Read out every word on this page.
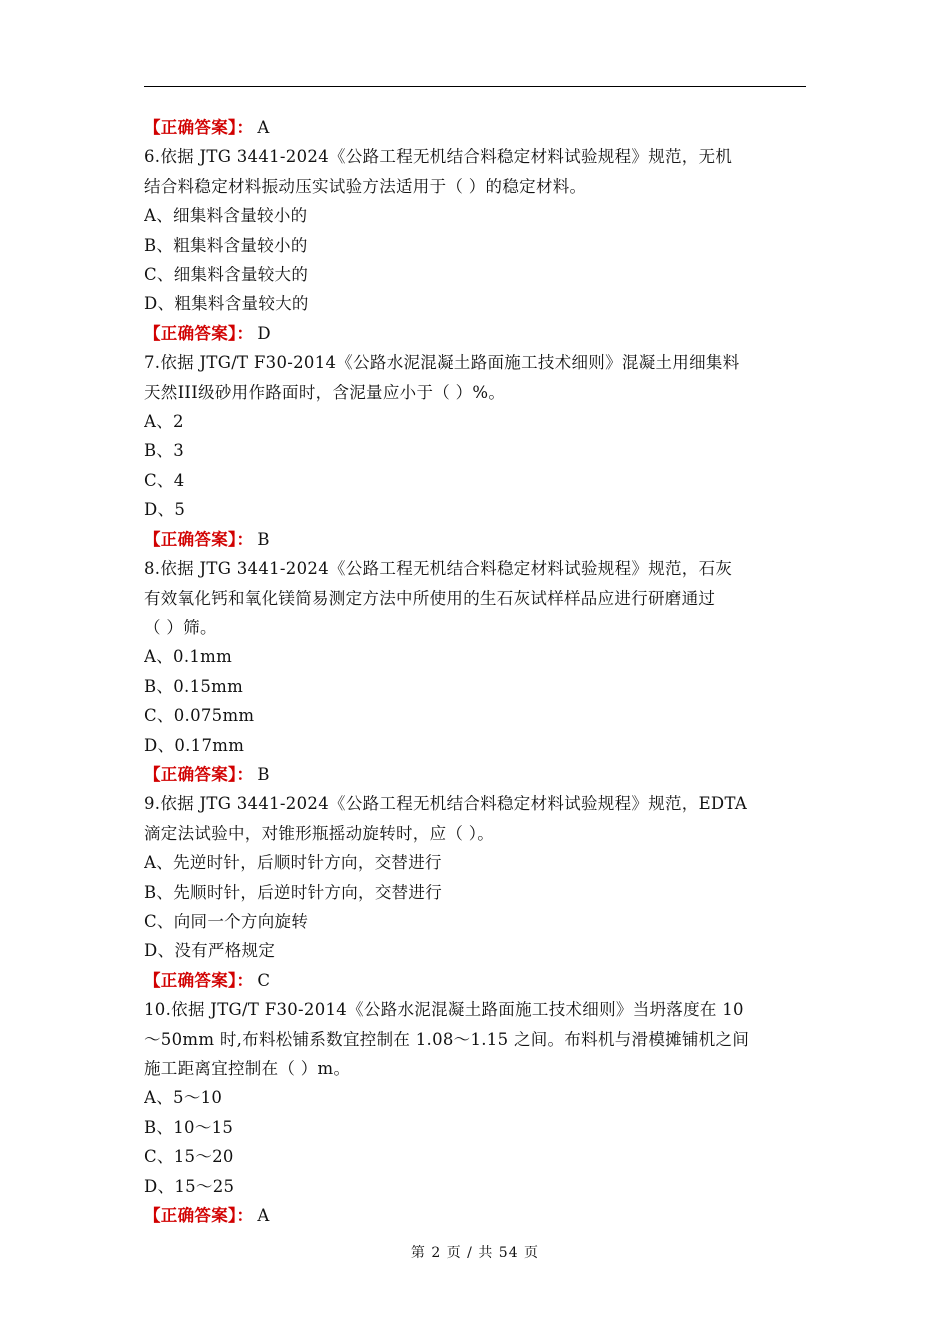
【正确答案】： A
6.依据 JTG 3441-2024《公路工程无机结合料稳定材料试验规程》规范，无机
结合料稳定材料振动压实试验方法适用于（ ）的稳定材料。
A、细集料含量较小的
B、粗集料含量较小的
C、细集料含量较大的
D、粗集料含量较大的
【正确答案】： D
7.依据 JTG/T F30-2014《公路水泥混凝土路面施工技术细则》混凝土用细集料
天然III级砂用作路面时，含泥量应小于（ ）%。
A、2
B、3
C、4
D、5
【正确答案】： B
8.依据 JTG 3441-2024《公路工程无机结合料稳定材料试验规程》规范，石灰
有效氧化钙和氧化镁简易测定方法中所使用的生石灰试样样品应进行研磨通过
（ ）筛。
A、0.1mm
B、0.15mm
C、0.075mm
D、0.17mm
【正确答案】： B
9.依据 JTG 3441-2024《公路工程无机结合料稳定材料试验规程》规范，EDTA
滴定法试验中，对锥形瓶摇动旋转时，应（ ）。
A、先逆时针，后顺时针方向，交替进行
B、先顺时针，后逆时针方向，交替进行
C、向同一个方向旋转
D、没有严格规定
【正确答案】： C
10.依据 JTG/T F30-2014《公路水泥混凝土路面施工技术细则》当坍落度在 10
～50mm 时,布料松铺系数宜控制在 1.08～1.15 之间。布料机与滑模摊铺机之间
施工距离宜控制在（ ）m。
A、5～10
B、10～15
C、15～20
D、15～25
【正确答案】： A
第 2 页 / 共 54 页
